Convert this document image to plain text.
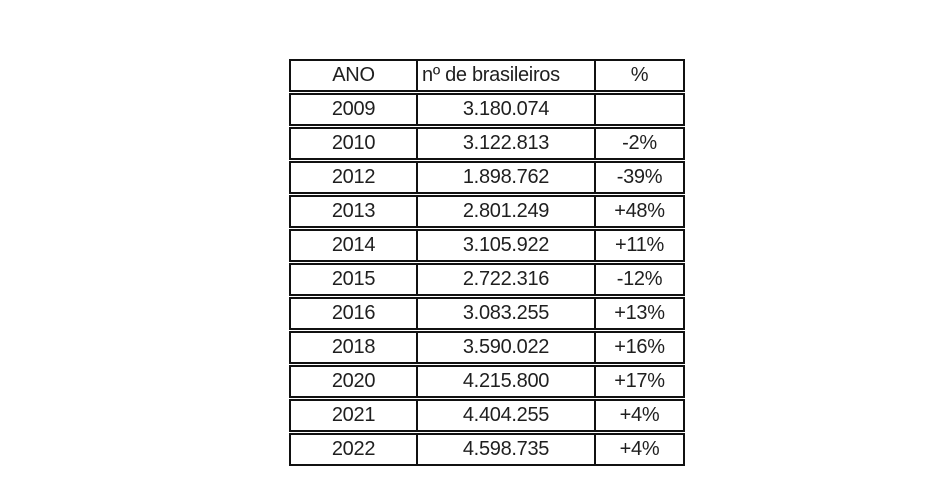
ANO	nº de brasileiros	%
2009	3.180.074
2010	3.122.813	-2%
2012	1.898.762	-39%
2013	2.801.249	+48%
2014	3.105.922	+11%
2015	2.722.316	-12%
2016	3.083.255	+13%
2018	3.590.022	+16%
2020	4.215.800	+17%
2021	4.404.255	+4%
2022	4.598.735	+4%
